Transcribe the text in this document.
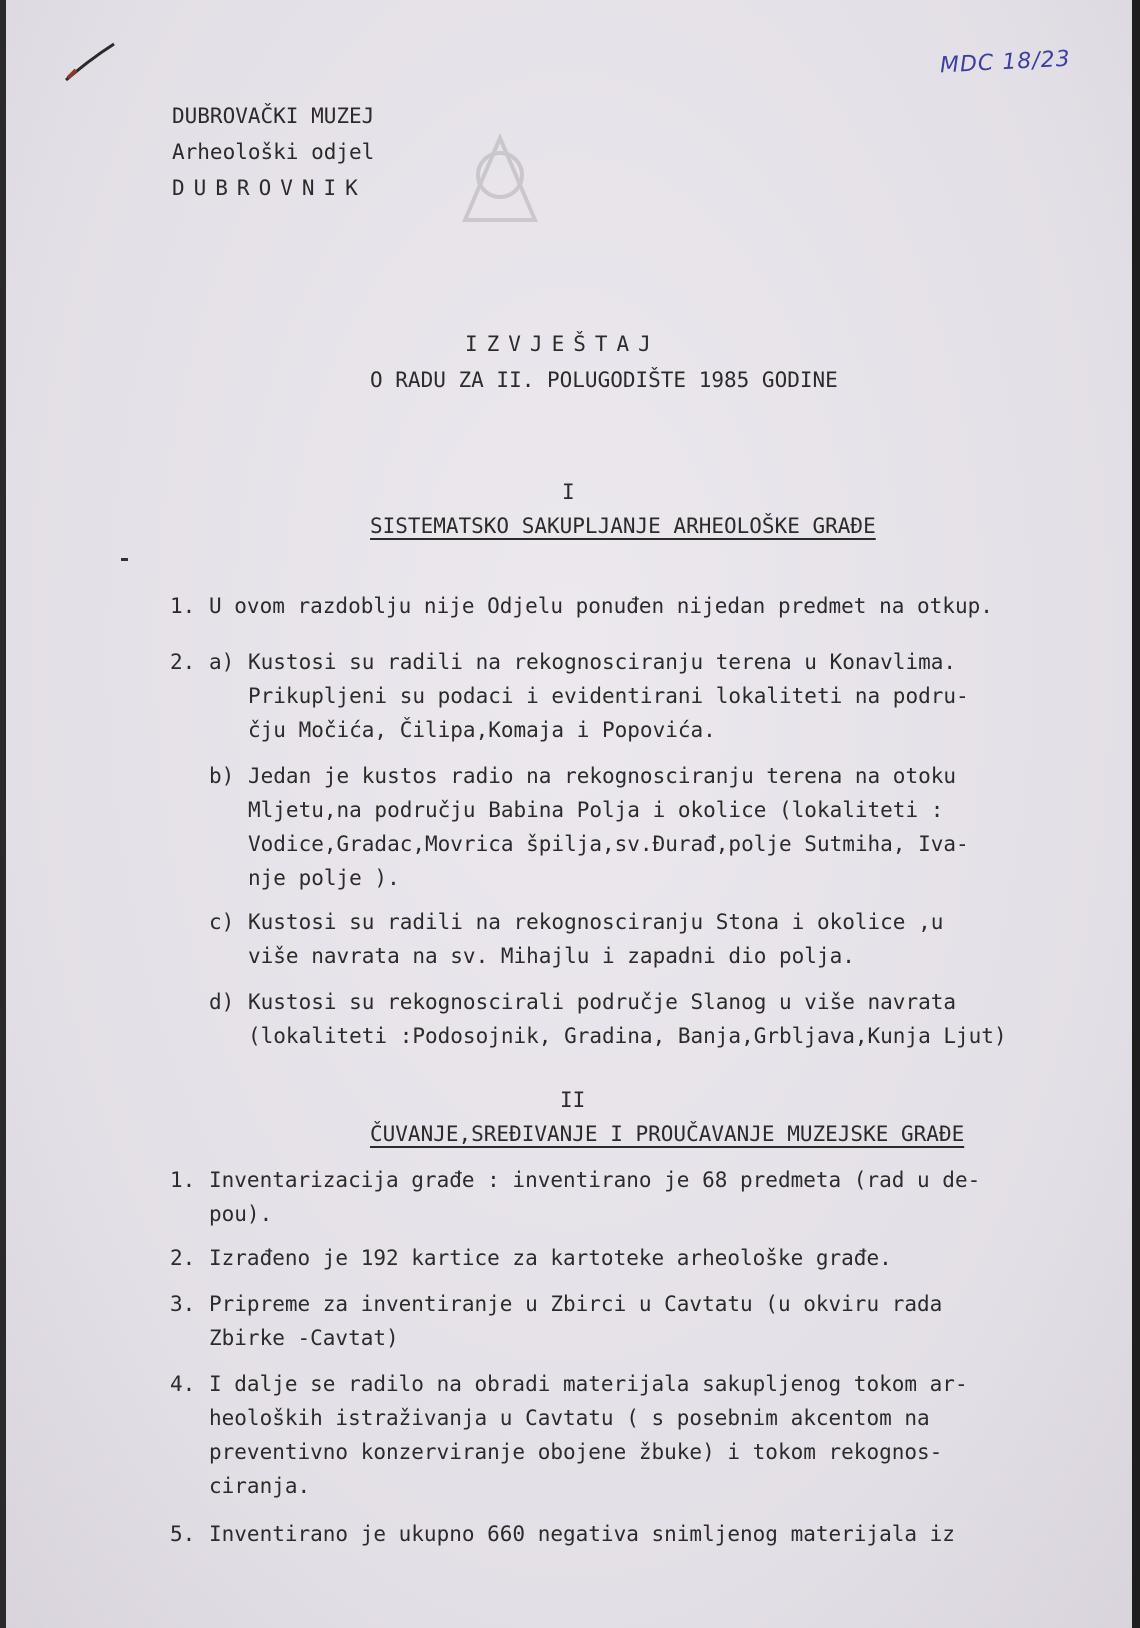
MDC 18/23
DUBROVAČKI MUZEJ
Arheološki odjel
DUBROVNIK
IZVJEŠTAJ
O RADU ZA II. POLUGODIŠTE 1985 GODINE
I
SISTEMATSKO SAKUPLJANJE ARHEOLOŠKE GRAĐE
1. U ovom razdoblju nije Odjelu ponuđen nijedan predmet na otkup.
2. a) Kustosi su radili na rekognosciranju terena u Konavlima.
Prikupljeni su podaci i evidentirani lokaliteti na podru-
čju Močića, Čilipa,Komaja i Popovića.
b) Jedan je kustos radio na rekognosciranju terena na otoku
Mljetu,na području Babina Polja i okolice (lokaliteti :
Vodice,Gradac,Movrica špilja,sv.Đurađ,polje Sutmiha, Iva-
nje polje ).
c) Kustosi su radili na rekognosciranju Stona i okolice ,u
više navrata na sv. Mihajlu i zapadni dio polja.
d) Kustosi su rekognoscirali područje Slanog u više navrata
(lokaliteti :Podosojnik, Gradina, Banja,Grbljava,Kunja Ljut)
II
ČUVANJE,SREĐIVANJE I PROUČAVANJE MUZEJSKE GRAĐE
1. Inventarizacija građe : inventirano je 68 predmeta (rad u de-
pou).
2. Izrađeno je 192 kartice za kartoteke arheološke građe.
3. Pripreme za inventiranje u Zbirci u Cavtatu (u okviru rada
Zbirke -Cavtat)
4. I dalje se radilo na obradi materijala sakupljenog tokom ar-
heoloških istraživanja u Cavtatu ( s posebnim akcentom na
preventivno konzerviranje obojene žbuke) i tokom rekognos-
ciranja.
5. Inventirano je ukupno 660 negativa snimljenog materijala iz
